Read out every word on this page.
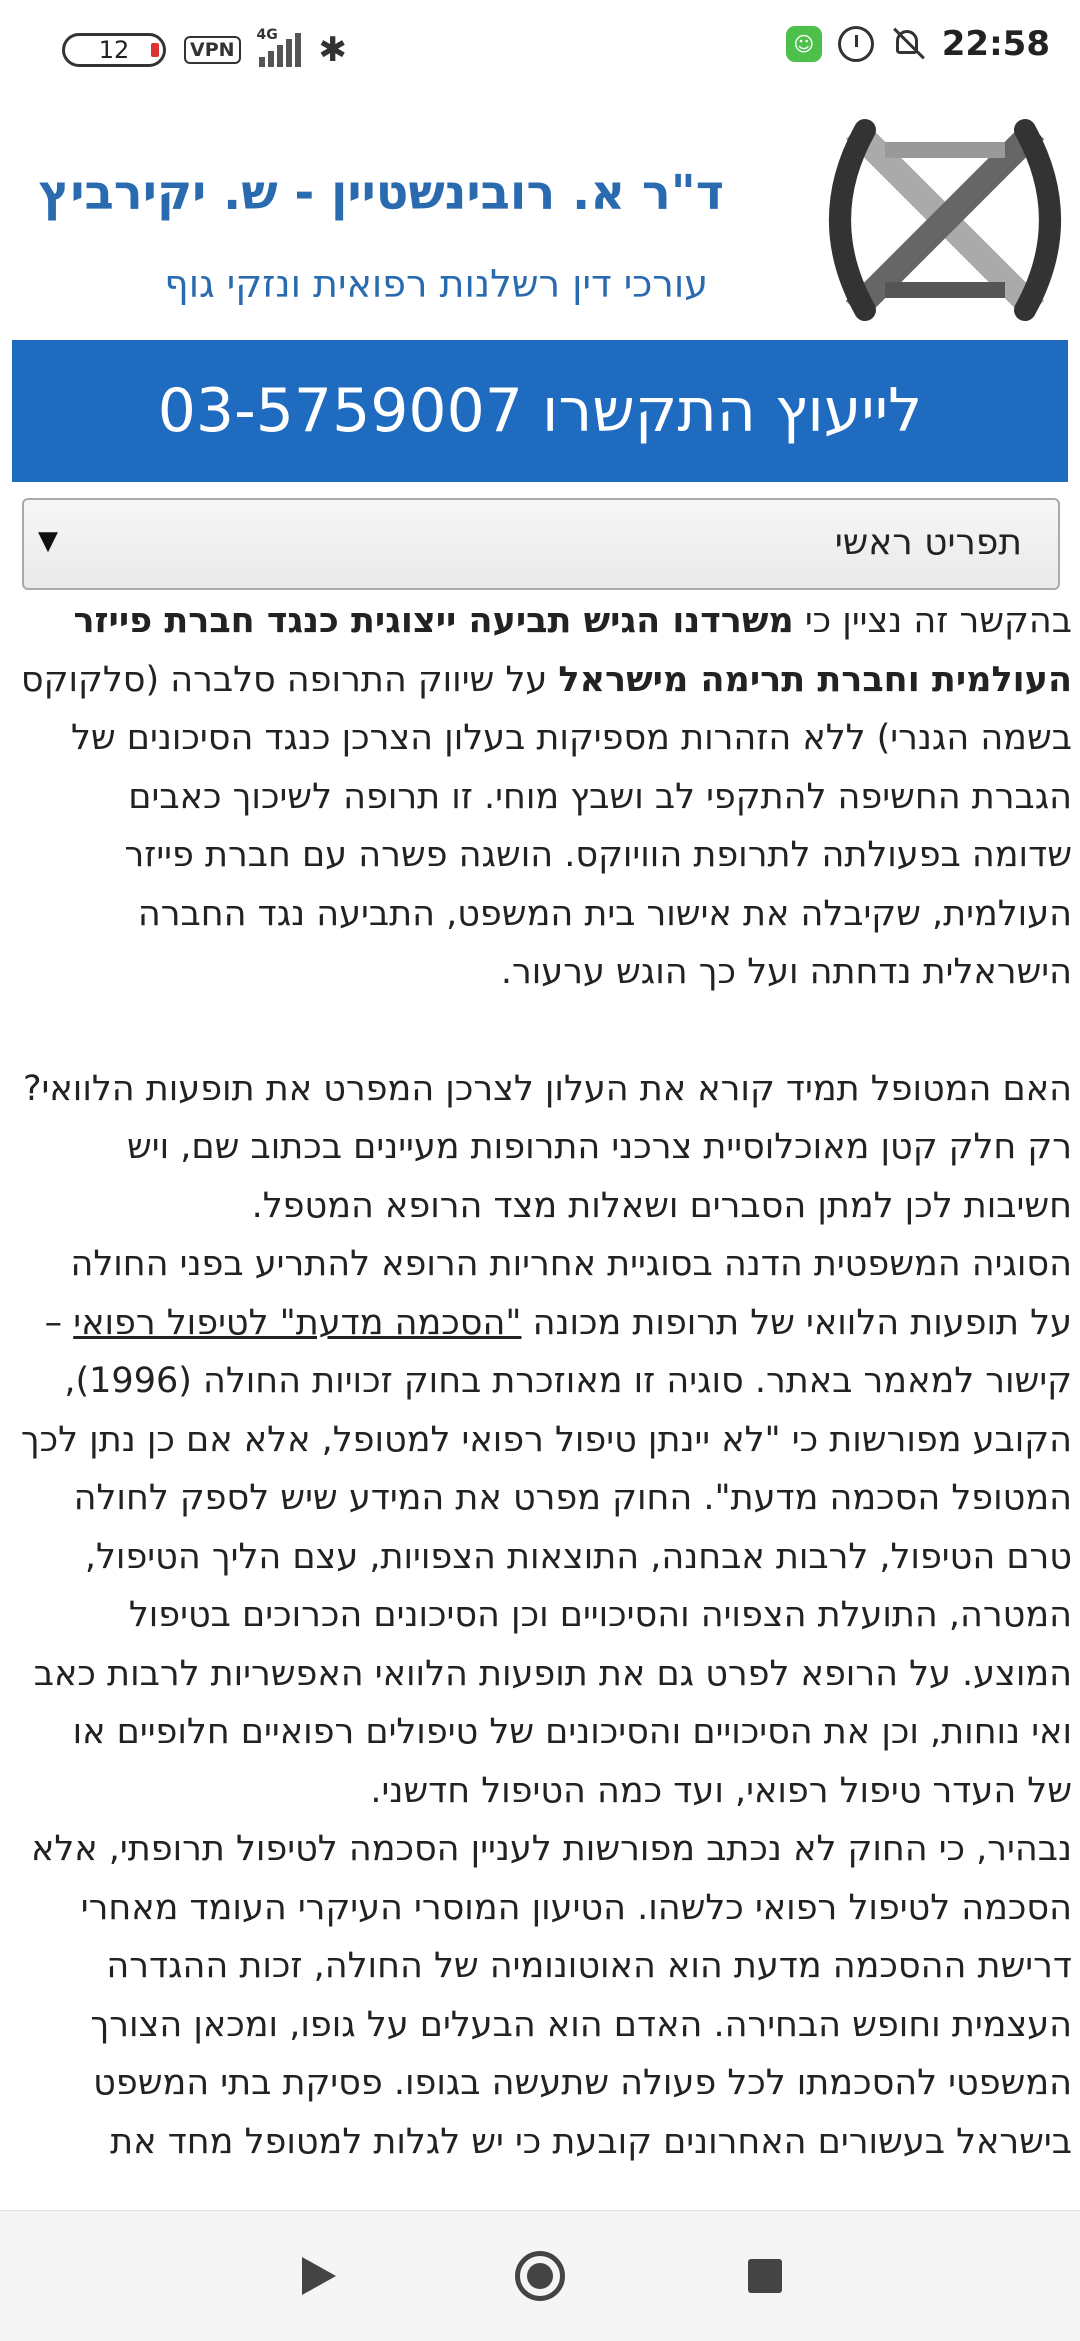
12	VPN
4G ✱	☺	22:58
ד"ר א. רובינשטיין - ש. יקירביץ
עורכי דין רשלנות רפואית ונזקי גוף
לייעוץ התקשרו 03-5759007
תפריט ראשי
▼

בהקשר זה נציין כי משרדנו הגיש תביעה ייצוגית כנגד חברת פייזר העולמית וחברת תרימה מישראל על שיווק התרופה סלברה (סלקוקס בשמה הגנרי) ללא הזהרות מספיקות בעלון הצרכן כנגד הסיכונים של הגברת החשיפה להתקפי לב ושבץ מוחי. זו תרופה לשיכוך כאבים שדומה בפעולתה לתרופת הוויוקס. הושגה פשרה עם חברת פייזר העולמית, שקיבלה את אישור בית המשפט, התביעה נגד החברה הישראלית נדחתה ועל כך הוגש ערעור.

האם המטופל תמיד קורא את העלון לצרכן המפרט את תופעות הלוואי? רק חלק קטן מאוכלוסיית צרכני התרופות מעיינים בכתוב שם, ויש חשיבות לכן למתן הסברים ושאלות מצד הרופא המטפל.

הסוגיה המשפטית הדנה בסוגיית אחריות הרופא להתריע בפני החולה על תופעות הלוואי של תרופות מכונה "הסכמה מדעת" לטיפול רפואי – קישור למאמר באתר. סוגיה זו מאוזכרת בחוק זכויות החולה (1996), הקובע מפורשות כי "לא יינתן טיפול רפואי למטופל, אלא אם כן נתן לכך המטופל הסכמה מדעת". החוק מפרט את המידע שיש לספק לחולה טרם הטיפול, לרבות אבחנה, התוצאות הצפויות, עצם הליך הטיפול, המטרה, התועלת הצפויה והסיכויים וכן הסיכונים הכרוכים בטיפול המוצע. על הרופא לפרט גם את תופעות הלוואי האפשריות לרבות כאב ואי נוחות, וכן את הסיכויים והסיכונים של טיפולים רפואיים חלופיים או של העדר טיפול רפואי, ועד כמה הטיפול חדשני.

נבהיר, כי החוק לא נכתב מפורשות לעניין הסכמה לטיפול תרופתי, אלא הסכמה לטיפול רפואי כלשהו. הטיעון המוסרי העיקרי העומד מאחרי דרישת ההסכמה מדעת הוא האוטונומיה של החולה, זכות ההגדרה העצמית וחופש הבחירה. האדם הוא הבעלים על גופו, ומכאן הצורך המשפטי להסכמתו לכל פעולה שתעשה בגופו. פסיקת בתי המשפט בישראל בעשורים האחרונים קובעת כי יש לגלות למטופל מחד את
